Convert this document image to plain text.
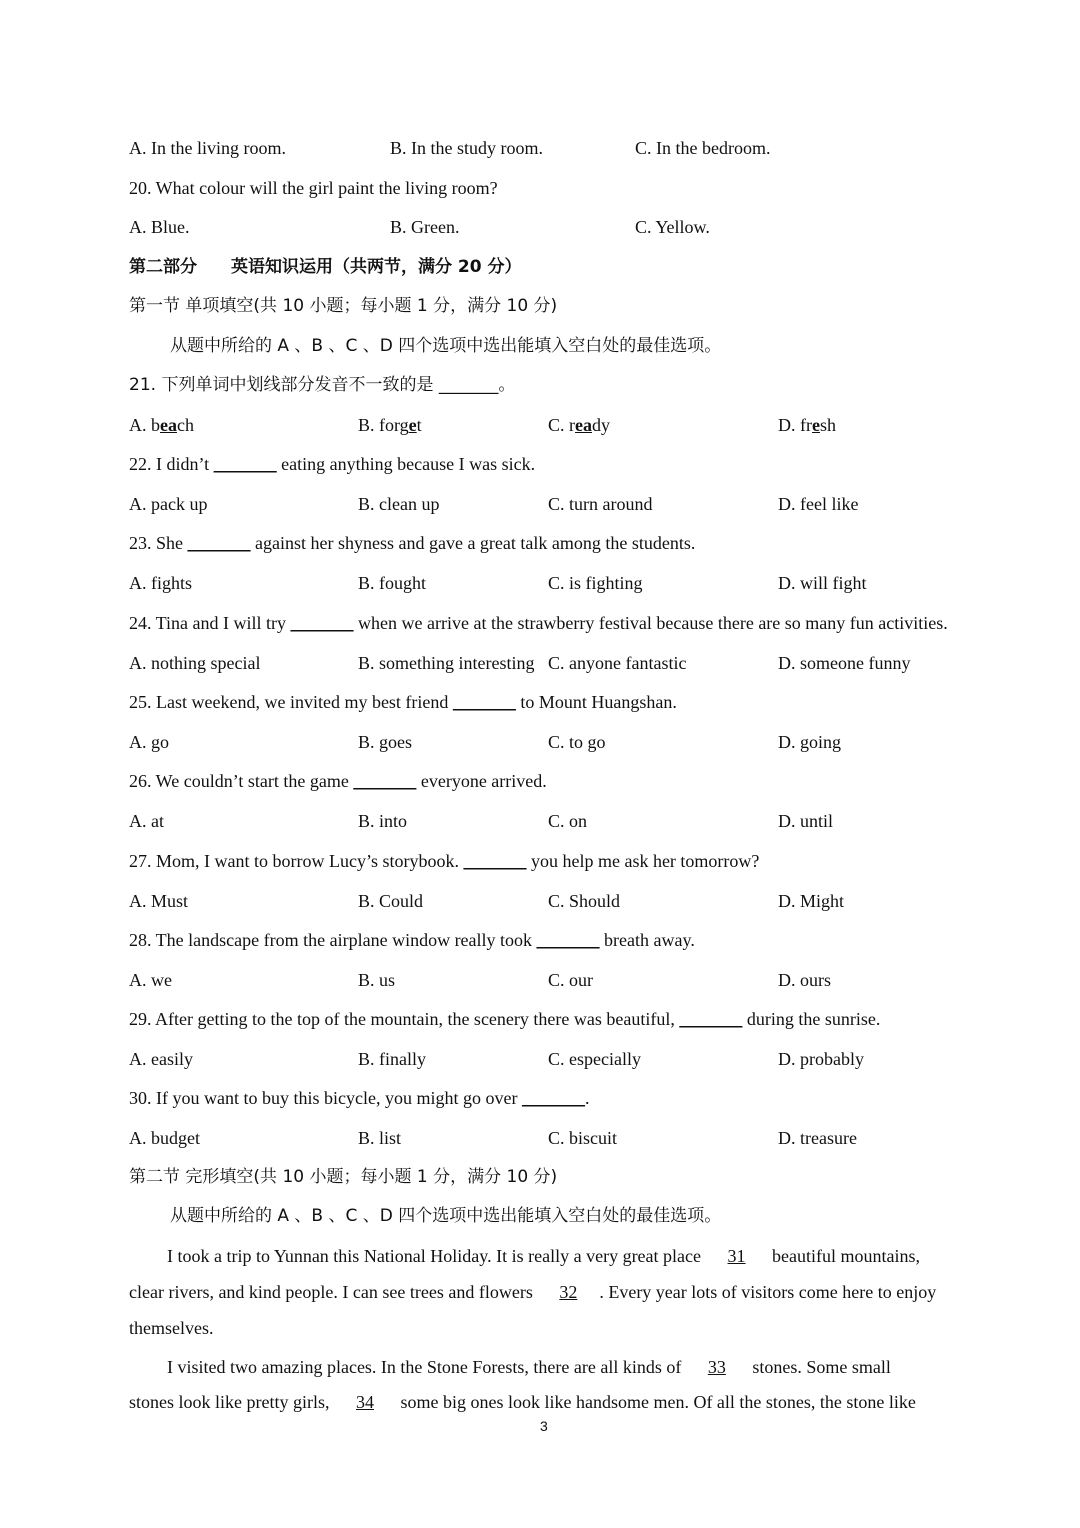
A. In the living room.	B. In the study room.	C. In the bedroom.
20. What colour will the girl paint the living room?
A. Blue.	B. Green.	C. Yellow.
第二部分　　英语知识运用（共两节，满分 20 分）
第一节 单项填空(共 10 小题；每小题 1 分，满分 10 分)
从题中所给的 A 、B 、C 、D 四个选项中选出能填入空白处的最佳选项。
21. 下列单词中划线部分发音不一致的是 _______。
A. beach	B. forget	C. ready	D. fresh
22. I didn’t _______ eating anything because I was sick.
A. pack up	B. clean up	C. turn around	D. feel like
23. She _______ against her shyness and gave a great talk among the students.
A. fights	B. fought	C. is fighting	D. will fight
24. Tina and I will try _______ when we arrive at the strawberry festival because there are so many fun activities.
A. nothing special	B. something interesting C. anyone fantastic	D. someone funny
25. Last weekend, we invited my best friend _______ to Mount Huangshan.
A. go	B. goes	C. to go	D. going
26. We couldn’t start the game _______ everyone arrived.
A. at	B. into	C. on	D. until
27. Mom, I want to borrow Lucy’s storybook. _______ you help me ask her tomorrow?
A. Must	B. Could	C. Should	D. Might
28. The landscape from the airplane window really took _______ breath away.
A. we	B. us	C. our	D. ours
29. After getting to the top of the mountain, the scenery there was beautiful, _______ during the sunrise.
A. easily	B. finally	C. especially	D. probably
30. If you want to buy this bicycle, you might go over _______.
A. budget	B. list	C. biscuit	D. treasure
第二节 完形填空(共 10 小题；每小题 1 分，满分 10 分)
从题中所给的 A 、B 、C 、D 四个选项中选出能填入空白处的最佳选项。
I took a trip to Yunnan this National Holiday. It is really a very great place 31 beautiful mountains,
clear rivers, and kind people. I can see trees and flowers 32 . Every year lots of visitors come here to enjoy
themselves.
I visited two amazing places. In the Stone Forests, there are all kinds of 33 stones. Some small
stones look like pretty girls, 34 some big ones look like handsome men. Of all the stones, the stone like
3
